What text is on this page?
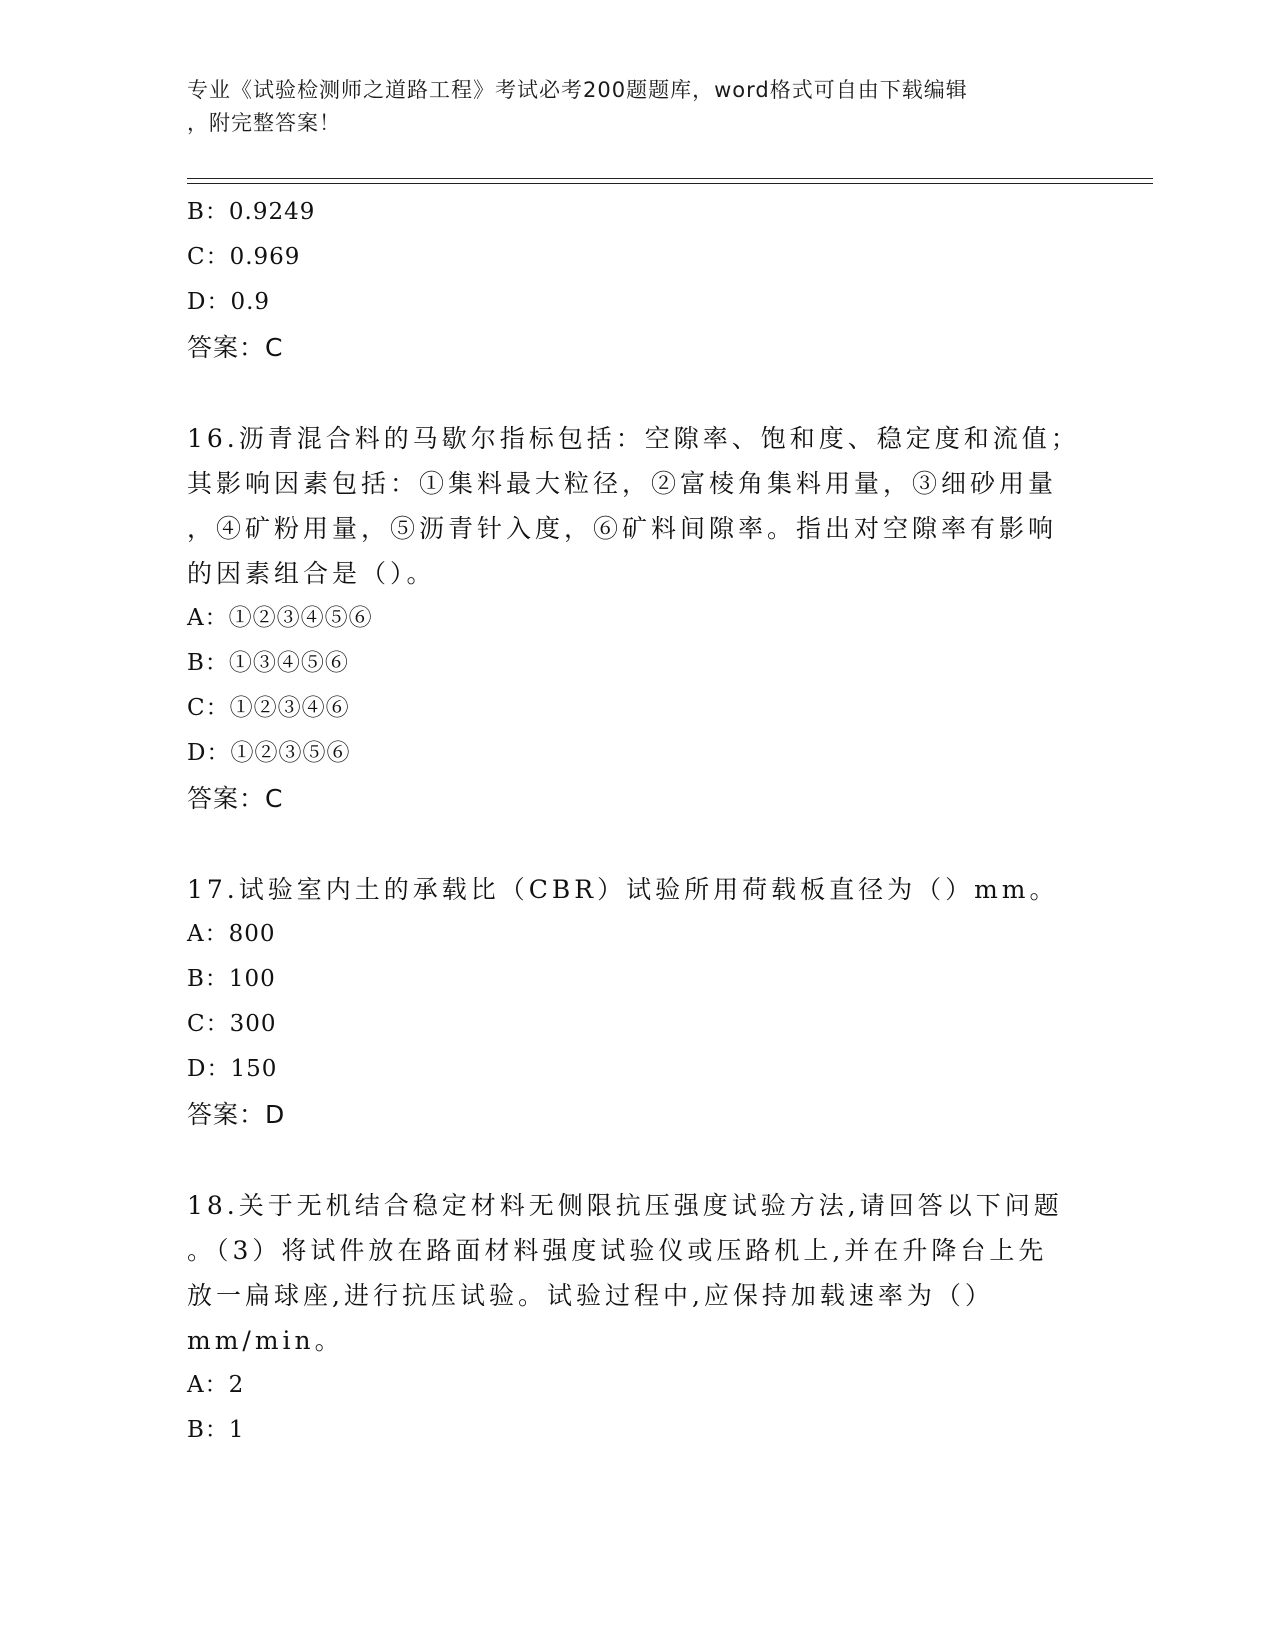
专业《试验检测师之道路工程》考试必考200题题库，word格式可自由下载编辑
，附完整答案！
B：0.9249
C：0.969
D：0.9
答案：C
16.沥青混合料的马歇尔指标包括：空隙率、饱和度、稳定度和流值；
其影响因素包括：①集料最大粒径，②富棱角集料用量，③细砂用量
，④矿粉用量，⑤沥青针入度，⑥矿料间隙率。指出对空隙率有影响
的因素组合是（）。
A：①②③④⑤⑥
B：①③④⑤⑥
C：①②③④⑥
D：①②③⑤⑥
答案：C
17.试验室内土的承载比（CBR）试验所用荷载板直径为（）mm。
A：800
B：100
C：300
D：150
答案：D
18.关于无机结合稳定材料无侧限抗压强度试验方法,请回答以下问题
。（3）将试件放在路面材料强度试验仪或压路机上,并在升降台上先
放一扁球座,进行抗压试验。试验过程中,应保持加载速率为（）
mm/min。
A：2
B：1
